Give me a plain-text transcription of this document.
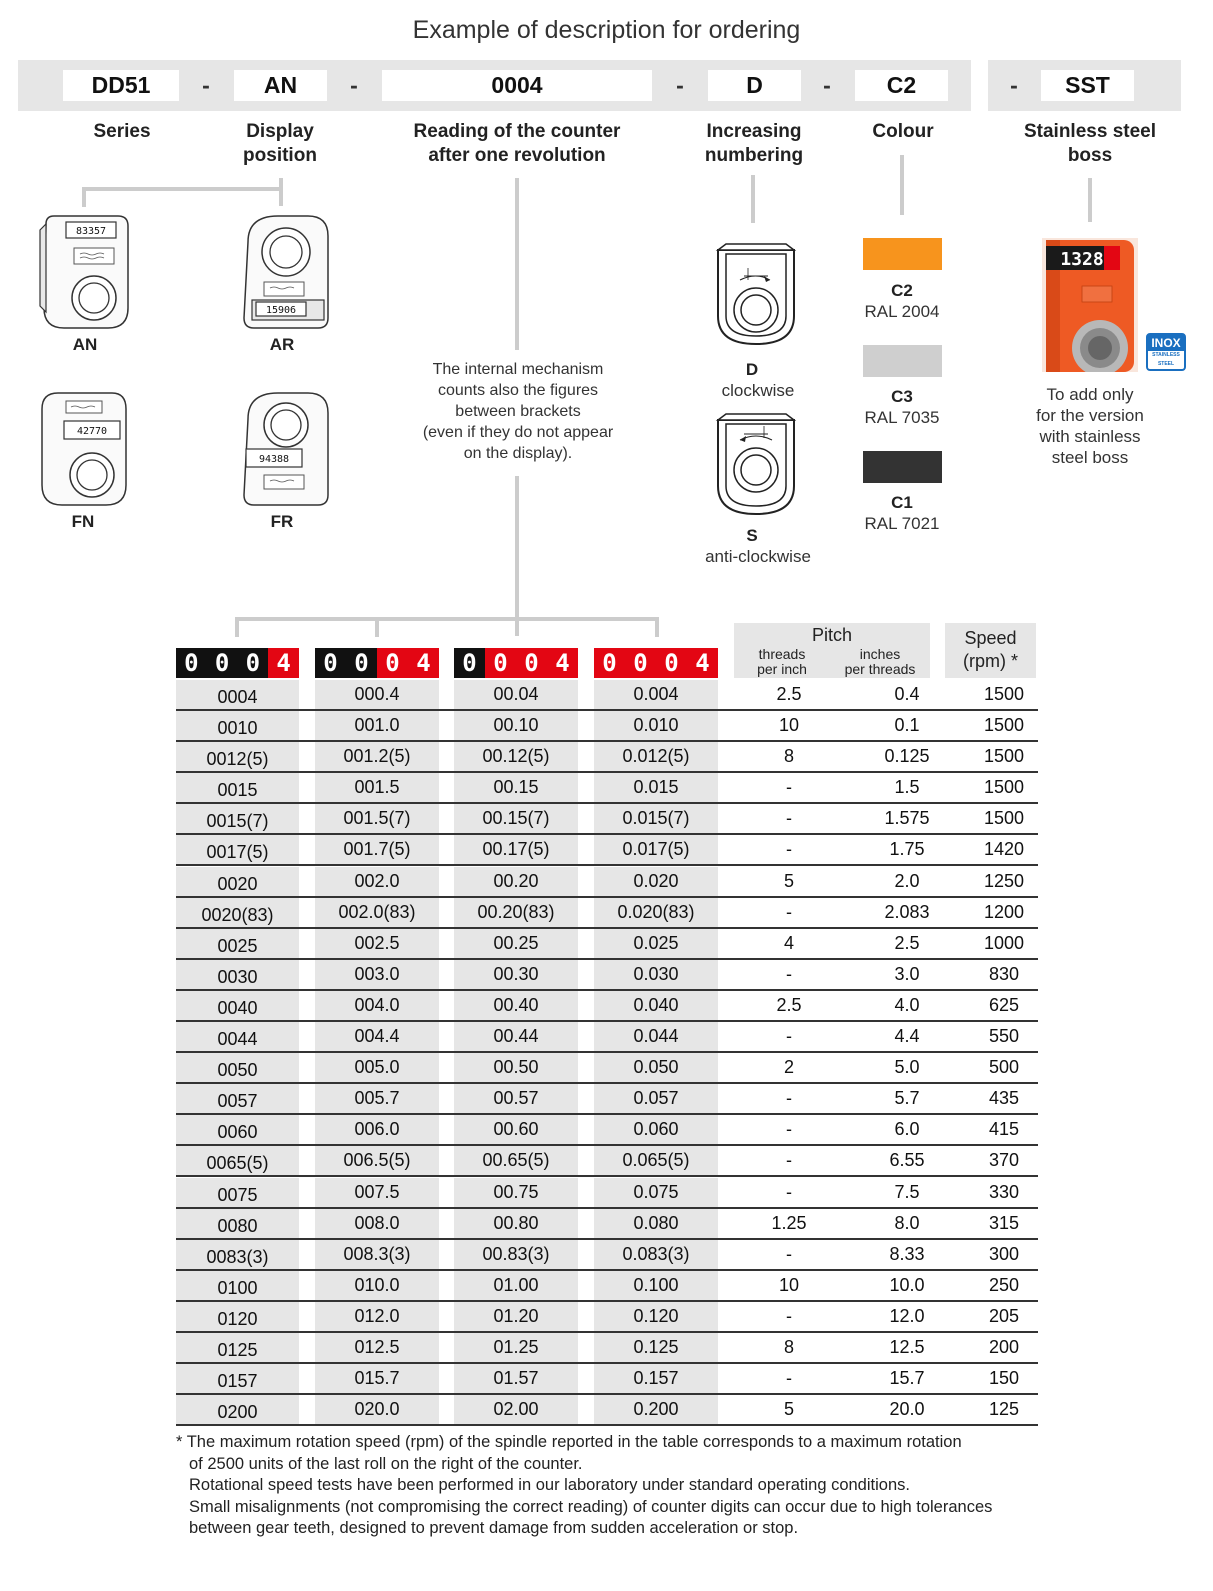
Example of description for ordering
DD51	-	AN	-	0004	-	D	-	C2	-	SST
Series	Display
position
Reading of the counter
after one revolution
Increasing
numbering
Colour	Stainless steel
boss
83357
AN
15906
AR
42770
FN
94388
FR
The internal mechanism
counts also the figures
between brackets
(even if they do not appear
on the display).
D
clockwise
S
anti-clockwise
C2
RAL 2004
C3
RAL 7035
C1
RAL 7021
1328
INOX
STAINLESS
STEEL
To add only
for the version
with stainless
steel boss
0 0 0 4	0 0 0 4	0 0 0 4	0 0 0 4
Pitch
threads
per inch
inches
per threads
Speed
(rpm) *
0004	000.4	00.04	0.004	2.5	0.4	1500
0010	001.0	00.10	0.010	10	0.1	1500
0012(5)	001.2(5)	00.12(5)	0.012(5)	8	0.125	1500
0015	001.5	00.15	0.015	-	1.5	1500
0015(7)	001.5(7)	00.15(7)	0.015(7)	-	1.575	1500
0017(5)	001.7(5)	00.17(5)	0.017(5)	-	1.75	1420
0020	002.0	00.20	0.020	5	2.0	1250
0020(83)	002.0(83)	00.20(83)	0.020(83)	-	2.083	1200
0025	002.5	00.25	0.025	4	2.5	1000
0030	003.0	00.30	0.030	-	3.0	830
0040	004.0	00.40	0.040	2.5	4.0	625
0044	004.4	00.44	0.044	-	4.4	550
0050	005.0	00.50	0.050	2	5.0	500
0057	005.7	00.57	0.057	-	5.7	435
0060	006.0	00.60	0.060	-	6.0	415
0065(5)	006.5(5)	00.65(5)	0.065(5)	-	6.55	370
0075	007.5	00.75	0.075	-	7.5	330
0080	008.0	00.80	0.080	1.25	8.0	315
0083(3)	008.3(3)	00.83(3)	0.083(3)	-	8.33	300
0100	010.0	01.00	0.100	10	10.0	250
0120	012.0	01.20	0.120	-	12.0	205
0125	012.5	01.25	0.125	8	12.5	200
0157	015.7	01.57	0.157	-	15.7	150
0200	020.0	02.00	0.200	5	20.0	125
* The maximum rotation speed (rpm) of the spindle reported in the table corresponds to a maximum rotation
of 2500 units of the last roll on the right of the counter.
Rotational speed tests have been performed in our laboratory under standard operating conditions.
Small misalignments (not compromising the correct reading) of counter digits can occur due to high tolerances
between gear teeth, designed to prevent damage from sudden acceleration or stop.
